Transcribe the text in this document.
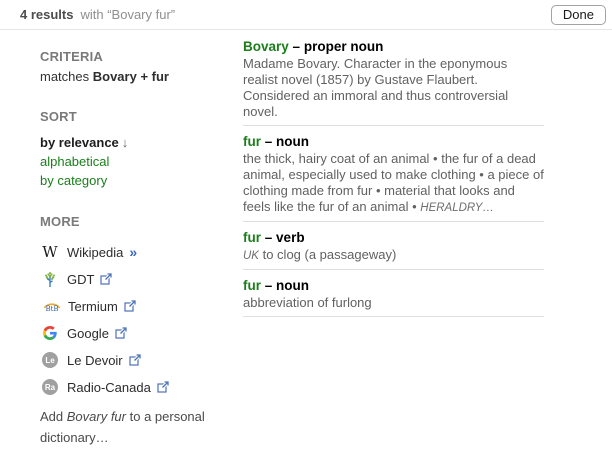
4 results with “Bovary fur”	Done
CRITERIA
matches Bovary + fur
SORT
by relevance ↓
alphabetical
by category
MORE
W Wikipedia »
GDT
BtB Termium
Google
Le Le Devoir
Ra Radio-Canada
Bovary – proper noun
Madame Bovary. Character in the eponymous realist novel (1857) by Gustave Flaubert. Considered an immoral and thus controversial novel.
fur – noun
the thick, hairy coat of an animal • the fur of a dead animal, especially used to make clothing • a piece of clothing made from fur • material that looks and feels like the fur of an animal • HERALDRY…
fur – verb
UK to clog (a passageway)
fur – noun
abbreviation of furlong
Add Bovary fur to a personal dictionary…
